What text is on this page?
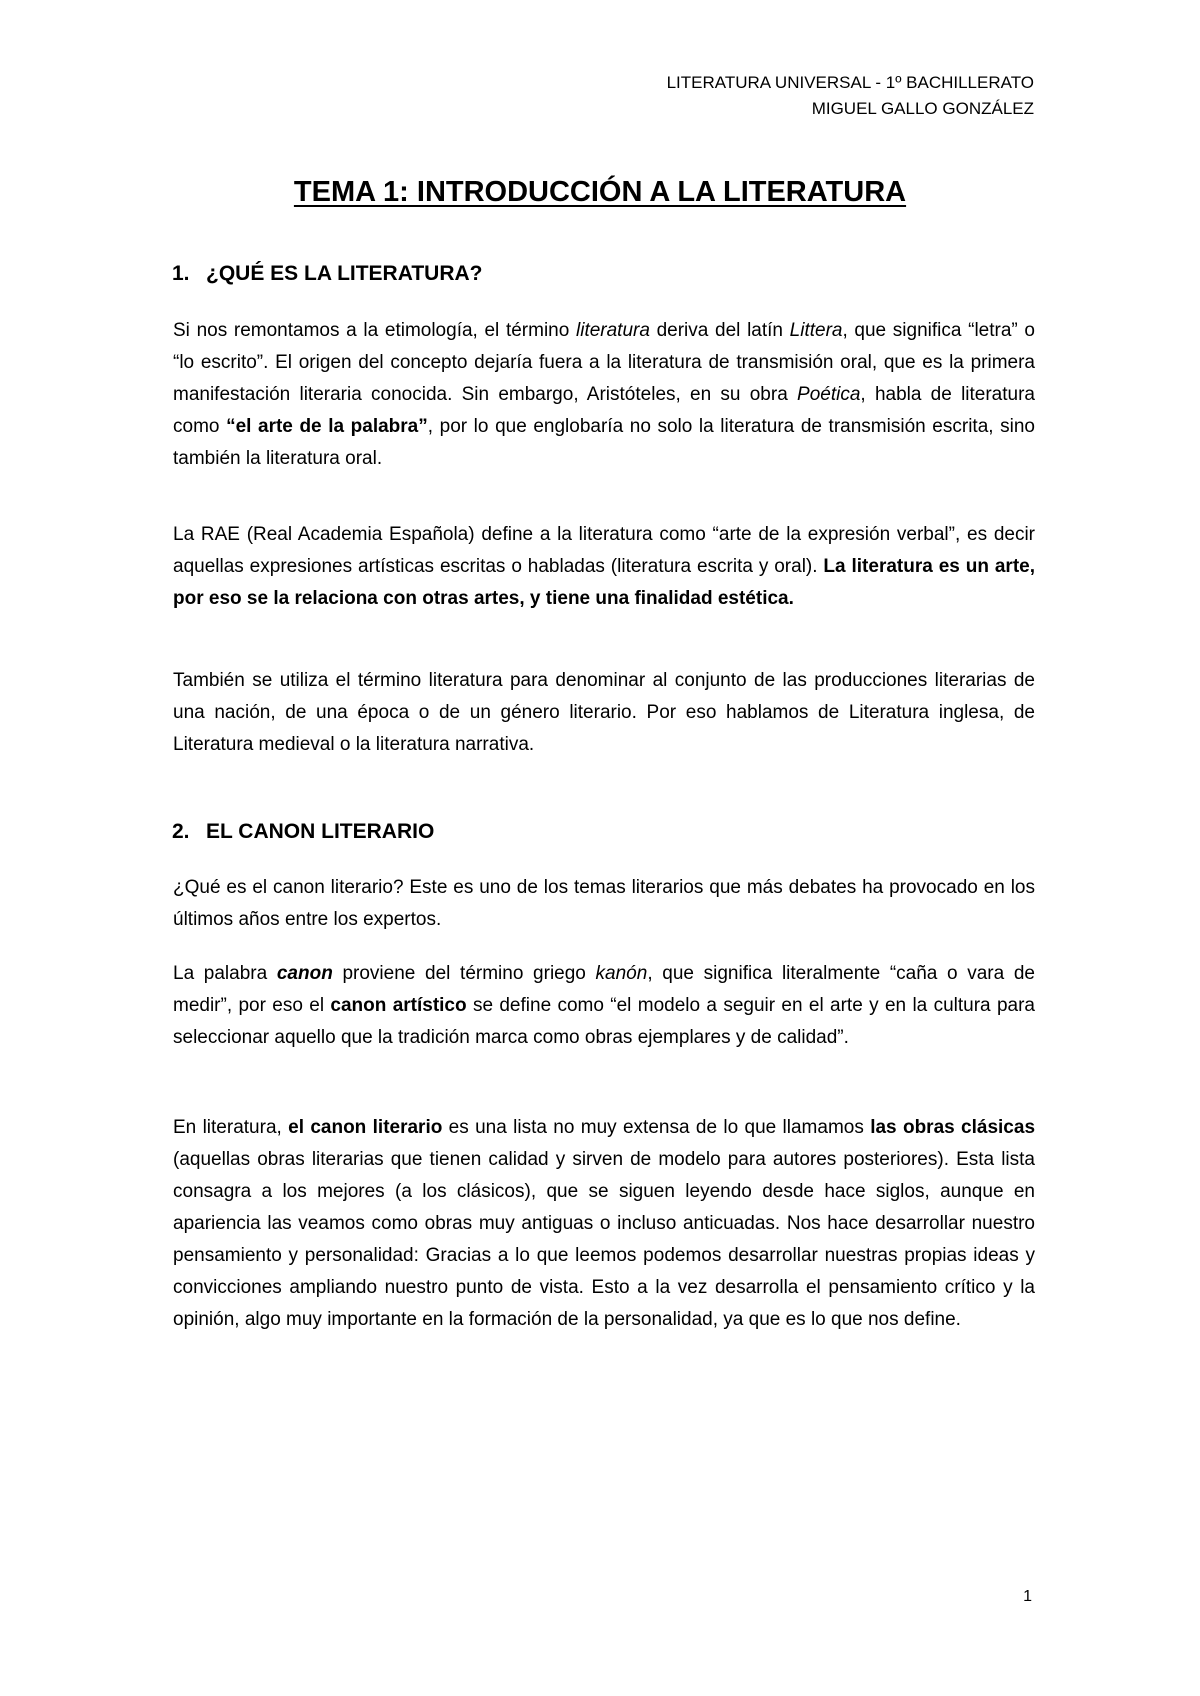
LITERATURA UNIVERSAL - 1º BACHILLERATO
MIGUEL GALLO GONZÁLEZ
TEMA 1: INTRODUCCIÓN A LA LITERATURA
1. ¿QUÉ ES LA LITERATURA?

Si nos remontamos a la etimología, el término literatura deriva del latín Littera, que significa “letra” o “lo escrito”. El origen del concepto dejaría fuera a la literatura de transmisión oral, que es la primera manifestación literaria conocida. Sin embargo, Aristóteles, en su obra Poética, habla de literatura como “el arte de la palabra”, por lo que englobaría no solo la literatura de transmisión escrita, sino también la literatura oral.

La RAE (Real Academia Española) define a la literatura como “arte de la expresión verbal”, es decir aquellas expresiones artísticas escritas o habladas (literatura escrita y oral). La literatura es un arte, por eso se la relaciona con otras artes, y tiene una finalidad estética.

También se utiliza el término literatura para denominar al conjunto de las producciones literarias de una nación, de una época o de un género literario. Por eso hablamos de Literatura inglesa, de Literatura medieval o la literatura narrativa.

2. EL CANON LITERARIO

¿Qué es el canon literario? Este es uno de los temas literarios que más debates ha provocado en los últimos años entre los expertos.

La palabra canon proviene del término griego kanón, que significa literalmente “caña o vara de medir”, por eso el canon artístico se define como “el modelo a seguir en el arte y en la cultura para seleccionar aquello que la tradición marca como obras ejemplares y de calidad”.

En literatura, el canon literario es una lista no muy extensa de lo que llamamos las obras clásicas (aquellas obras literarias que tienen calidad y sirven de modelo para autores posteriores). Esta lista consagra a los mejores (a los clásicos), que se siguen leyendo desde hace siglos, aunque en apariencia las veamos como obras muy antiguas o incluso anticuadas. Nos hace desarrollar nuestro pensamiento y personalidad: Gracias a lo que leemos podemos desarrollar nuestras propias ideas y convicciones ampliando nuestro punto de vista. Esto a la vez desarrolla el pensamiento crítico y la opinión, algo muy importante en la formación de la personalidad, ya que es lo que nos define.

1
